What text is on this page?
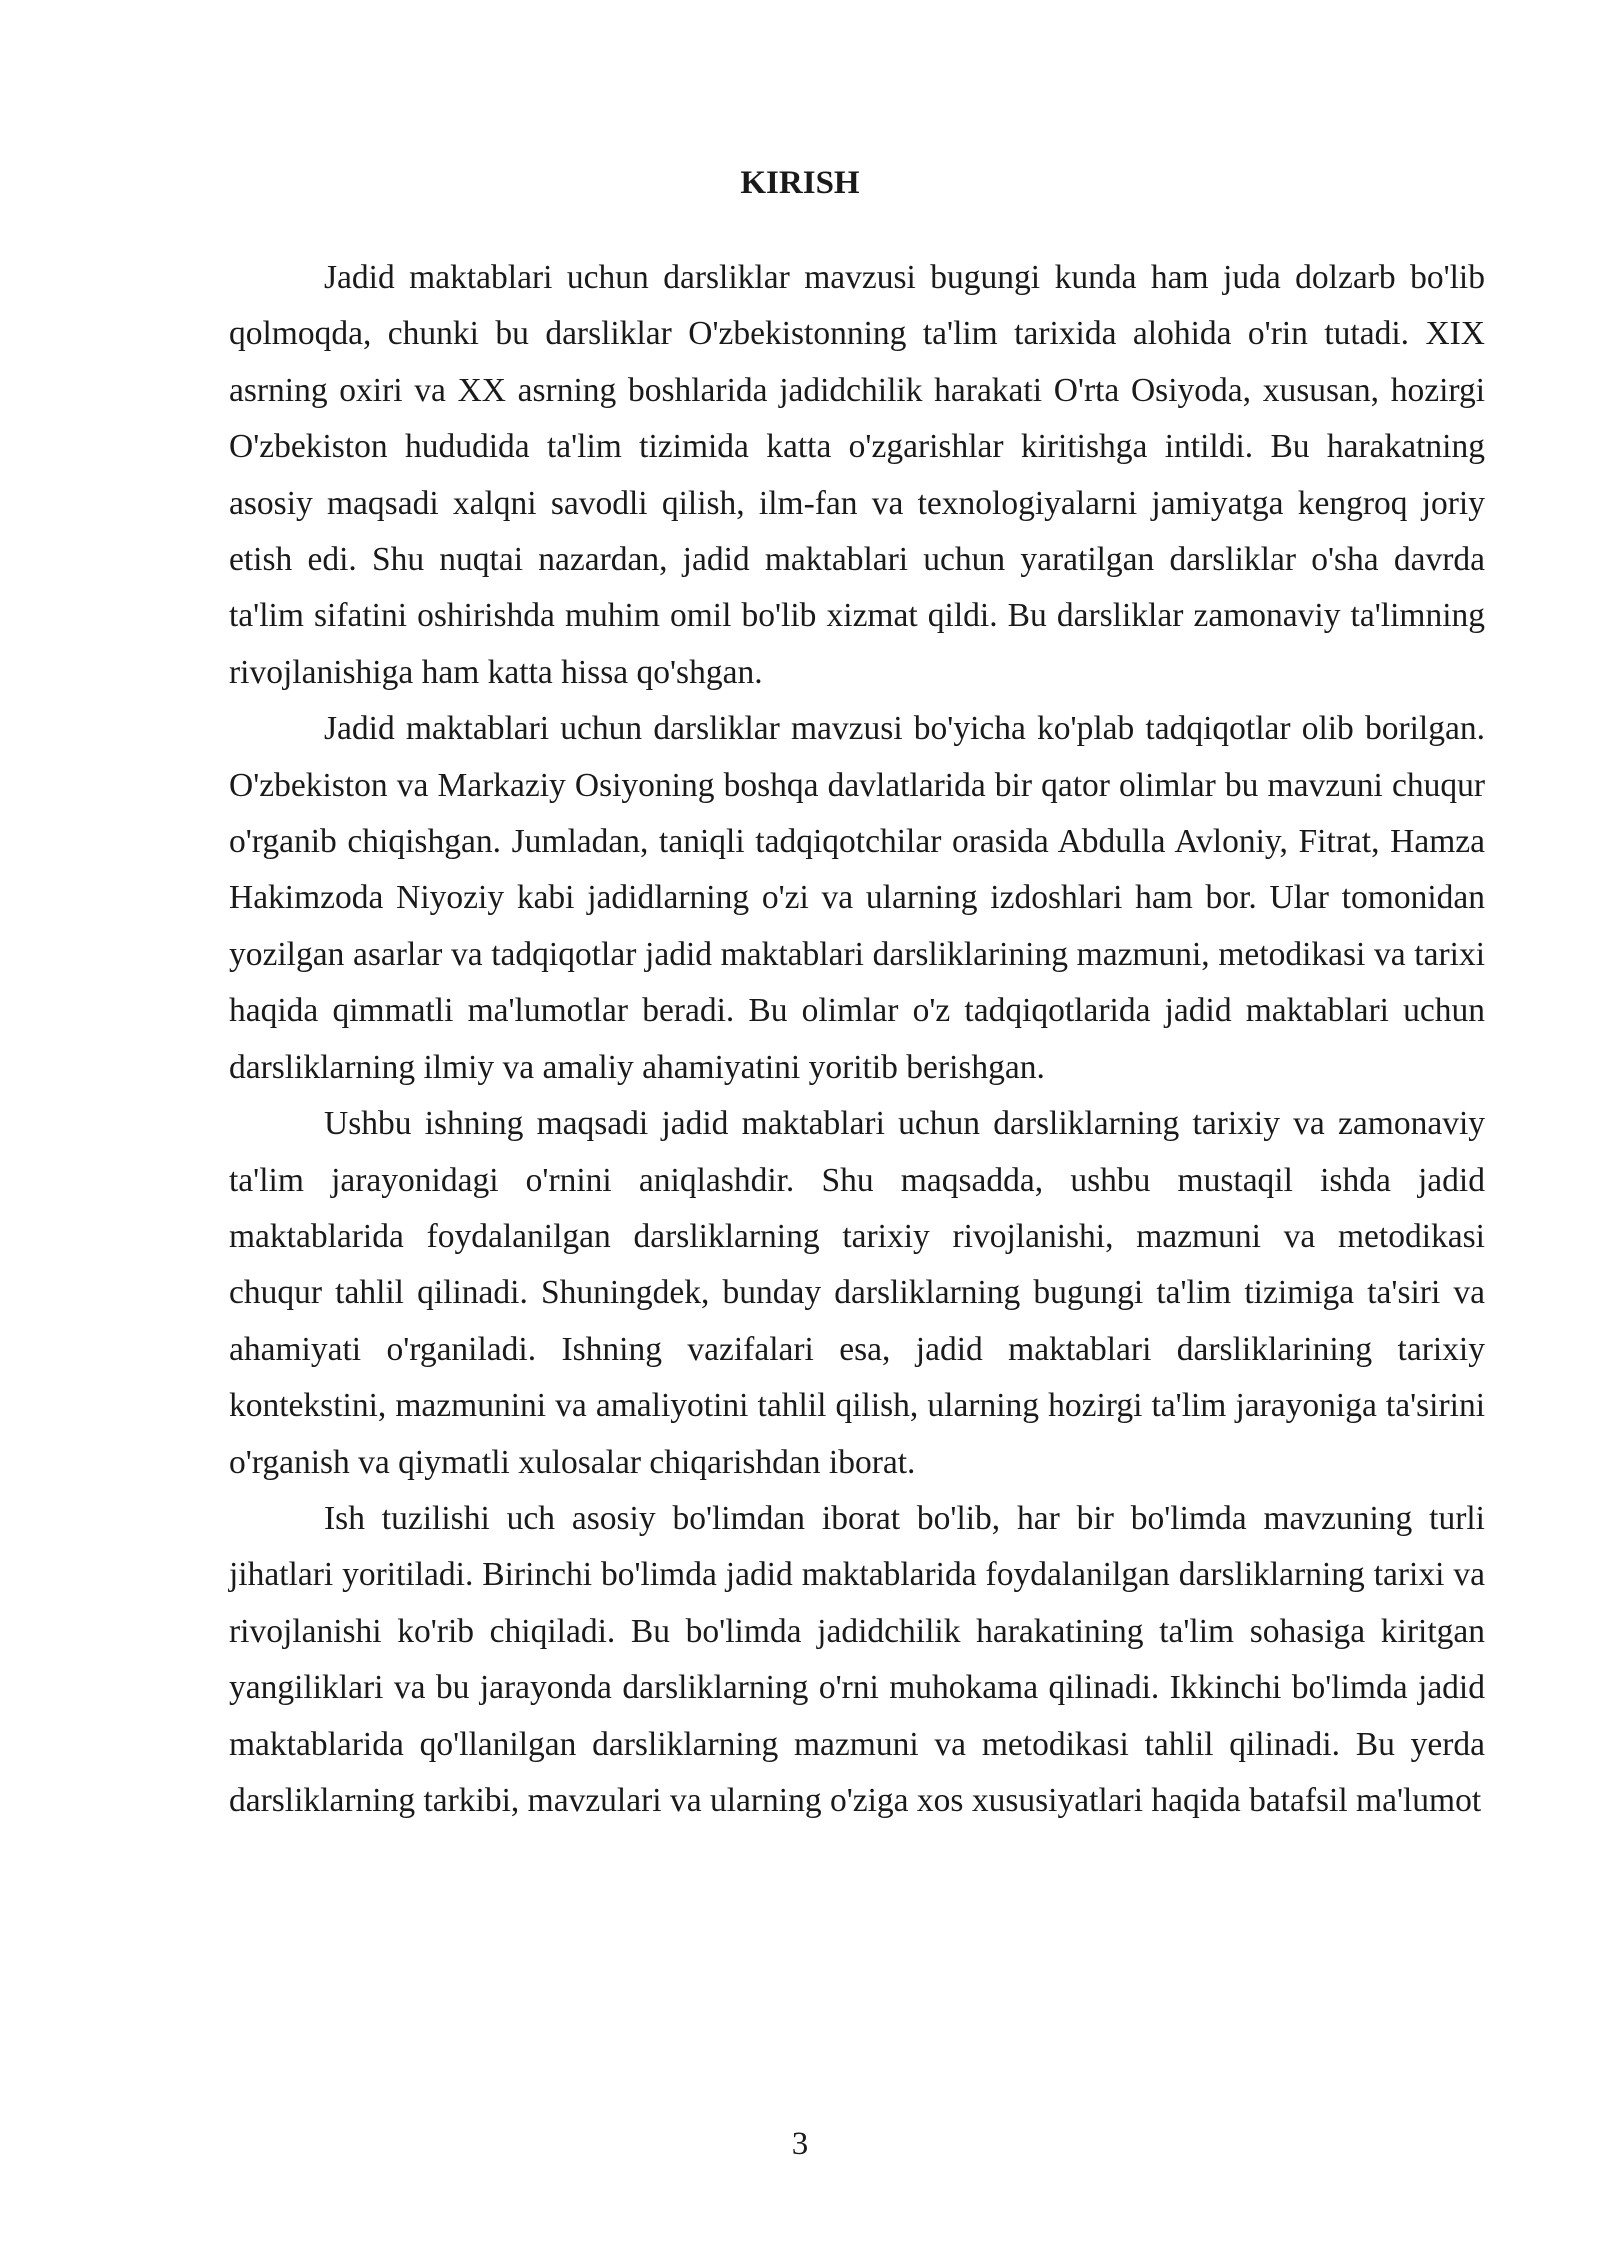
KIRISH

Jadid maktablari uchun darsliklar mavzusi bugungi kunda ham juda dolzarb bo'lib qolmoqda, chunki bu darsliklar O'zbekistonning ta'lim tarixida alohida o'rin tutadi. XIX asrning oxiri va XX asrning boshlarida jadidchilik harakati O'rta Osiyoda, xususan, hozirgi O'zbekiston hududida ta'lim tizimida katta o'zgarishlar kiritishga intildi. Bu harakatning asosiy maqsadi xalqni savodli qilish, ilm-fan va texnologiyalarni jamiyatga kengroq joriy etish edi. Shu nuqtai nazardan, jadid maktablari uchun yaratilgan darsliklar o'sha davrda ta'lim sifatini oshirishda muhim omil bo'lib xizmat qildi. Bu darsliklar zamonaviy ta'limning rivojlanishiga ham katta hissa qo'shgan.

Jadid maktablari uchun darsliklar mavzusi bo'yicha ko'plab tadqiqotlar olib borilgan. O'zbekiston va Markaziy Osiyoning boshqa davlatlarida bir qator olimlar bu mavzuni chuqur o'rganib chiqishgan. Jumladan, taniqli tadqiqotchilar orasida Abdulla Avloniy, Fitrat, Hamza Hakimzoda Niyoziy kabi jadidlarning o'zi va ularning izdoshlari ham bor. Ular tomonidan yozilgan asarlar va tadqiqotlar jadid maktablari darsliklarining mazmuni, metodikasi va tarixi haqida qimmatli ma'lumotlar beradi. Bu olimlar o'z tadqiqotlarida jadid maktablari uchun darsliklarning ilmiy va amaliy ahamiyatini yoritib berishgan.

Ushbu ishning maqsadi jadid maktablari uchun darsliklarning tarixiy va zamonaviy ta'lim jarayonidagi o'rnini aniqlashdir. Shu maqsadda, ushbu mustaqil ishda jadid maktablarida foydalanilgan darsliklarning tarixiy rivojlanishi, mazmuni va metodikasi chuqur tahlil qilinadi. Shuningdek, bunday darsliklarning bugungi ta'lim tizimiga ta'siri va ahamiyati o'rganiladi. Ishning vazifalari esa, jadid maktablari darsliklarining tarixiy kontekstini, mazmunini va amaliyotini tahlil qilish, ularning hozirgi ta'lim jarayoniga ta'sirini o'rganish va qiymatli xulosalar chiqarishdan iborat.

Ish tuzilishi uch asosiy bo'limdan iborat bo'lib, har bir bo'limda mavzuning turli jihatlari yoritiladi. Birinchi bo'limda jadid maktablarida foydalanilgan darsliklarning tarixi va rivojlanishi ko'rib chiqiladi. Bu bo'limda jadidchilik harakatining ta'lim sohasiga kiritgan yangiliklari va bu jarayonda darsliklarning o'rni muhokama qilinadi. Ikkinchi bo'limda jadid maktablarida qo'llanilgan darsliklarning mazmuni va metodikasi tahlil qilinadi. Bu yerda darsliklarning tarkibi, mavzulari va ularning o'ziga xos xususiyatlari haqida batafsil ma'lumot

3
